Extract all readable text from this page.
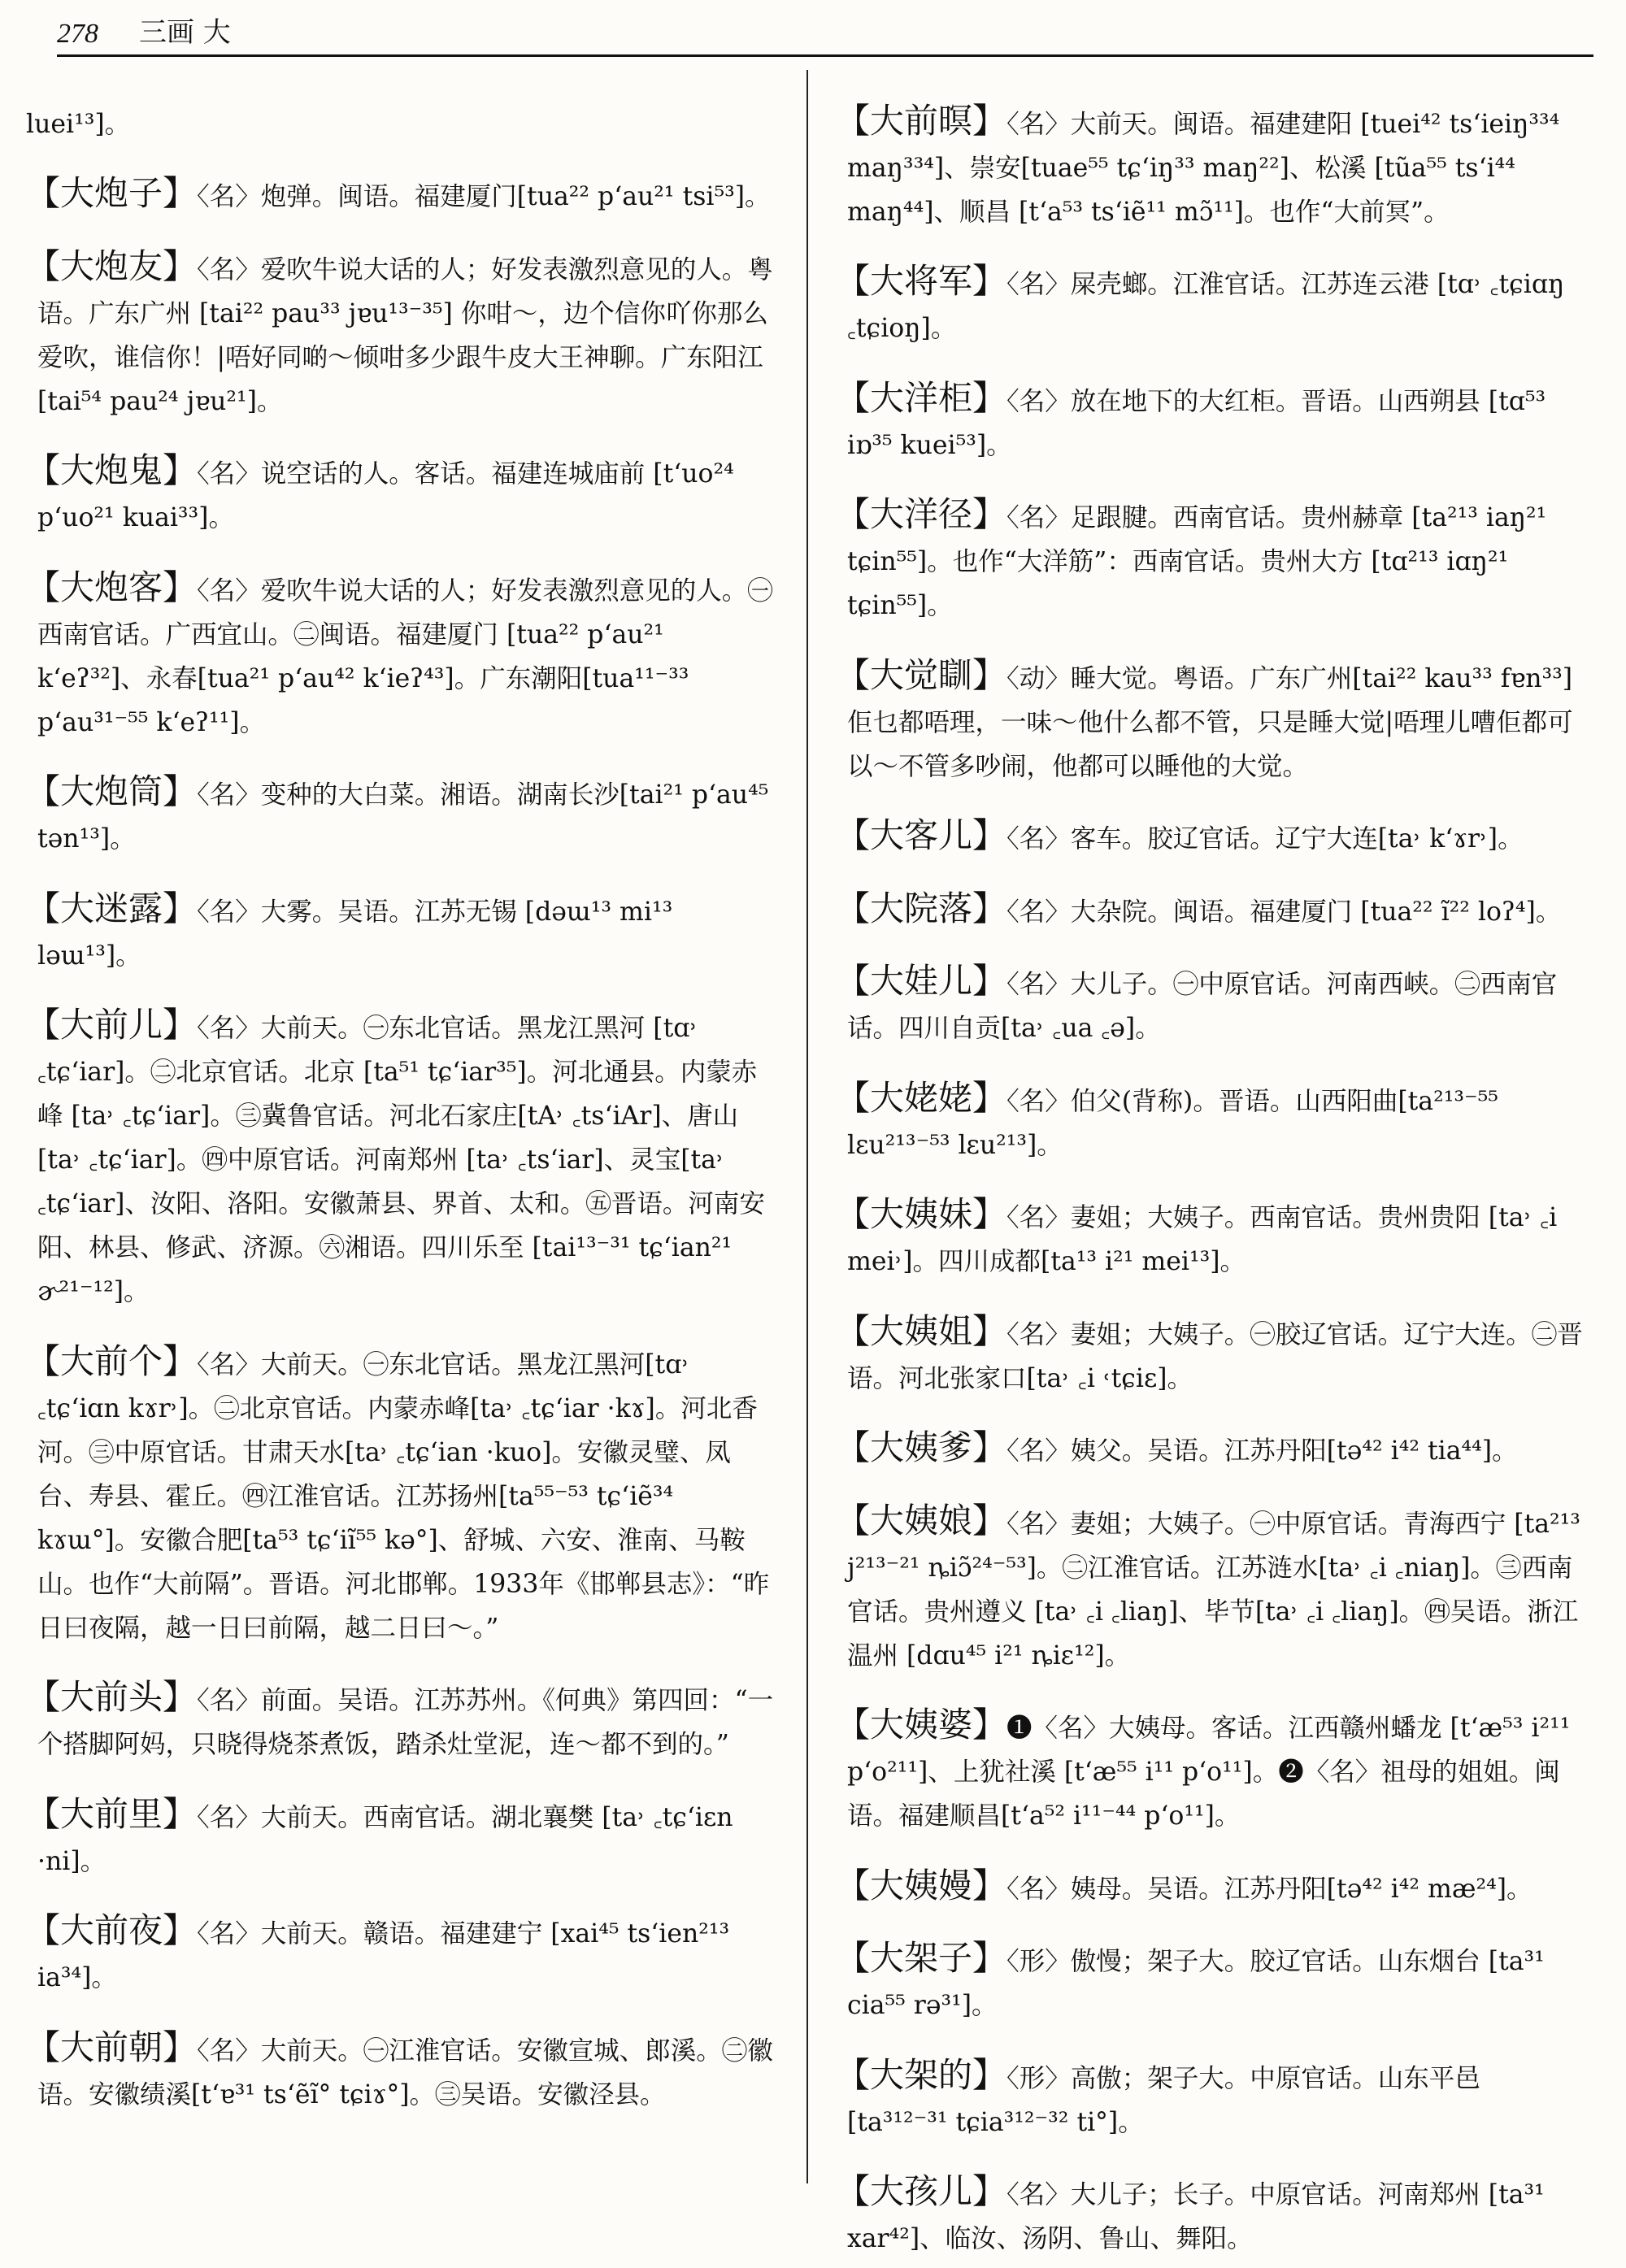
278 三画 大

luei¹³]。

【大炮子】〈名〉炮弹。闽语。福建厦门[tua²² pʻau²¹ tsi⁵³]。

【大炮友】〈名〉爱吹牛说大话的人；好发表激烈意见的人。粤语。广东广州 [tai²² pau³³ jɐu¹³⁻³⁵] 你咁～，边个信你吖你那么爱吹，谁信你！|唔好同啲～倾咁多少跟牛皮大王神聊。广东阳江[tai⁵⁴ pau²⁴ jɐu²¹]。

【大炮鬼】〈名〉说空话的人。客话。福建连城庙前 [tʻuo²⁴ pʻuo²¹ kuai³³]。

【大炮客】〈名〉爱吹牛说大话的人；好发表激烈意见的人。㊀西南官话。广西宜山。㊁闽语。福建厦门 [tua²² pʻau²¹ kʻeʔ³²]、永春[tua²¹ pʻau⁴² kʻieʔ⁴³]。广东潮阳[tua¹¹⁻³³ pʻau³¹⁻⁵⁵ kʻeʔ¹¹]。

【大炮筒】〈名〉变种的大白菜。湘语。湖南长沙[tai²¹ pʻau⁴⁵ tən¹³]。

【大迷露】〈名〉大雾。吴语。江苏无锡 [dəɯ¹³ mi¹³ ləɯ¹³]。

【大前儿】〈名〉大前天。㊀东北官话。黑龙江黑河 [tɑ˒ ꜀tɕʻiar]。㊁北京官话。北京 [ta⁵¹ tɕʻiar³⁵]。河北通县。内蒙赤峰 [ta˒ ꜀tɕʻiar]。㊂冀鲁官话。河北石家庄[tA˒ ꜀tsʻiAr]、唐山[ta˒ ꜀tɕʻiar]。㊃中原官话。河南郑州 [ta˒ ꜀tsʻiar]、灵宝[ta˒ ꜀tɕʻiar]、汝阳、洛阳。安徽萧县、界首、太和。㊄晋语。河南安阳、林县、修武、济源。㊅湘语。四川乐至 [tai¹³⁻³¹ tɕʻian²¹ ɚ²¹⁻¹²]。

【大前个】〈名〉大前天。㊀东北官话。黑龙江黑河[tɑ˒ ꜀tɕʻiɑn kɤr˒]。㊁北京官话。内蒙赤峰[ta˒ ꜀tɕʻiar ·kɤ]。河北香河。㊂中原官话。甘肃天水[ta˒ ꜀tɕʻian ·kuo]。安徽灵璧、凤台、寿县、霍丘。㊃江淮官话。江苏扬州[ta⁵⁵⁻⁵³ tɕʻiẽ³⁴ kɤɯ°]。安徽合肥[ta⁵³ tɕʻiĩ⁵⁵ kə°]、舒城、六安、淮南、马鞍山。也作“大前隔”。晋语。河北邯郸。1933年《邯郸县志》：“昨日曰夜隔，越一日曰前隔，越二日曰～。”

【大前头】〈名〉前面。吴语。江苏苏州。《何典》第四回：“一个搭脚阿妈，只晓得烧茶煮饭，踏杀灶堂泥，连～都不到的。”

【大前里】〈名〉大前天。西南官话。湖北襄樊 [ta˒ ꜀tɕʻiɛn ·ni]。

【大前夜】〈名〉大前天。赣语。福建建宁 [xai⁴⁵ tsʻien²¹³ ia³⁴]。

【大前朝】〈名〉大前天。㊀江淮官话。安徽宣城、郎溪。㊁徽语。安徽绩溪[tʻɐ³¹ tsʻẽĩ° tɕiɤ°]。㊂吴语。安徽泾县。

【大前暝】〈名〉大前天。闽语。福建建阳 [tuei⁴² tsʻieiŋ³³⁴ maŋ³³⁴]、崇安[tuae⁵⁵ tɕʻiŋ³³ maŋ²²]、松溪 [tũa⁵⁵ tsʻi⁴⁴ maŋ⁴⁴]、顺昌 [tʻa⁵³ tsʻiẽ¹¹ mɔ̃¹¹]。也作“大前冥”。

【大将军】〈名〉屎壳螂。江淮官话。江苏连云港 [tɑ˒ ꜀tɕiɑŋ ꜀tɕioŋ]。

【大洋柜】〈名〉放在地下的大红柜。晋语。山西朔县 [tɑ⁵³ iɒ³⁵ kuei⁵³]。

【大洋径】〈名〉足跟腱。西南官话。贵州赫章 [ta²¹³ iaŋ²¹ tɕin⁵⁵]。也作“大洋筋”：西南官话。贵州大方 [tɑ²¹³ iɑŋ²¹ tɕin⁵⁵]。

【大觉瞓】〈动〉睡大觉。粤语。广东广州[tai²² kau³³ fɐn³³]佢乜都唔理，一味～他什么都不管，只是睡大觉|唔理儿嘈佢都可以～不管多吵闹，他都可以睡他的大觉。

【大客儿】〈名〉客车。胶辽官话。辽宁大连[ta˒ kʻɤr˒]。

【大院落】〈名〉大杂院。闽语。福建厦门 [tua²² ĩ²² loʔ⁴]。

【大娃儿】〈名〉大儿子。㊀中原官话。河南西峡。㊁西南官话。四川自贡[ta˒ ꜀ua ꜀ə]。

【大姥姥】〈名〉伯父(背称)。晋语。山西阳曲[ta²¹³⁻⁵⁵ lɛu²¹³⁻⁵³ lɛu²¹³]。

【大姨妹】〈名〉妻姐；大姨子。西南官话。贵州贵阳 [ta˒ ꜀i mei˒]。四川成都[ta¹³ i²¹ mei¹³]。

【大姨姐】〈名〉妻姐；大姨子。㊀胶辽官话。辽宁大连。㊁晋语。河北张家口[ta˒ ꜀i ˓tɕiɛ]。

【大姨爹】〈名〉姨父。吴语。江苏丹阳[tə⁴² i⁴² tia⁴⁴]。

【大姨娘】〈名〉妻姐；大姨子。㊀中原官话。青海西宁 [ta²¹³ j²¹³⁻²¹ ȵiɔ̃²⁴⁻⁵³]。㊁江淮官话。江苏涟水[ta˒ ꜀i ꜀niaŋ]。㊂西南官话。贵州遵义 [ta˒ ꜀i ꜀liaŋ]、毕节[ta˒ ꜀i ꜀liaŋ]。㊃吴语。浙江温州 [dɑu⁴⁵ i²¹ ȵiɛ¹²]。

【大姨婆】❶〈名〉大姨母。客话。江西赣州蟠龙 [tʻæ⁵³ i²¹¹ pʻo²¹¹]、上犹社溪 [tʻæ⁵⁵ i¹¹ pʻo¹¹]。❷〈名〉祖母的姐姐。闽语。福建顺昌[tʻa⁵² i¹¹⁻⁴⁴ pʻo¹¹]。

【大姨嫚】〈名〉姨母。吴语。江苏丹阳[tə⁴² i⁴² mæ²⁴]。

【大架子】〈形〉傲慢；架子大。胶辽官话。山东烟台 [ta³¹ cia⁵⁵ rə³¹]。

【大架的】〈形〉高傲；架子大。中原官话。山东平邑 [ta³¹²⁻³¹ tɕia³¹²⁻³² ti°]。

【大孩儿】〈名〉大儿子；长子。中原官话。河南郑州 [ta³¹ xar⁴²]、临汝、汤阴、鲁山、舞阳。
